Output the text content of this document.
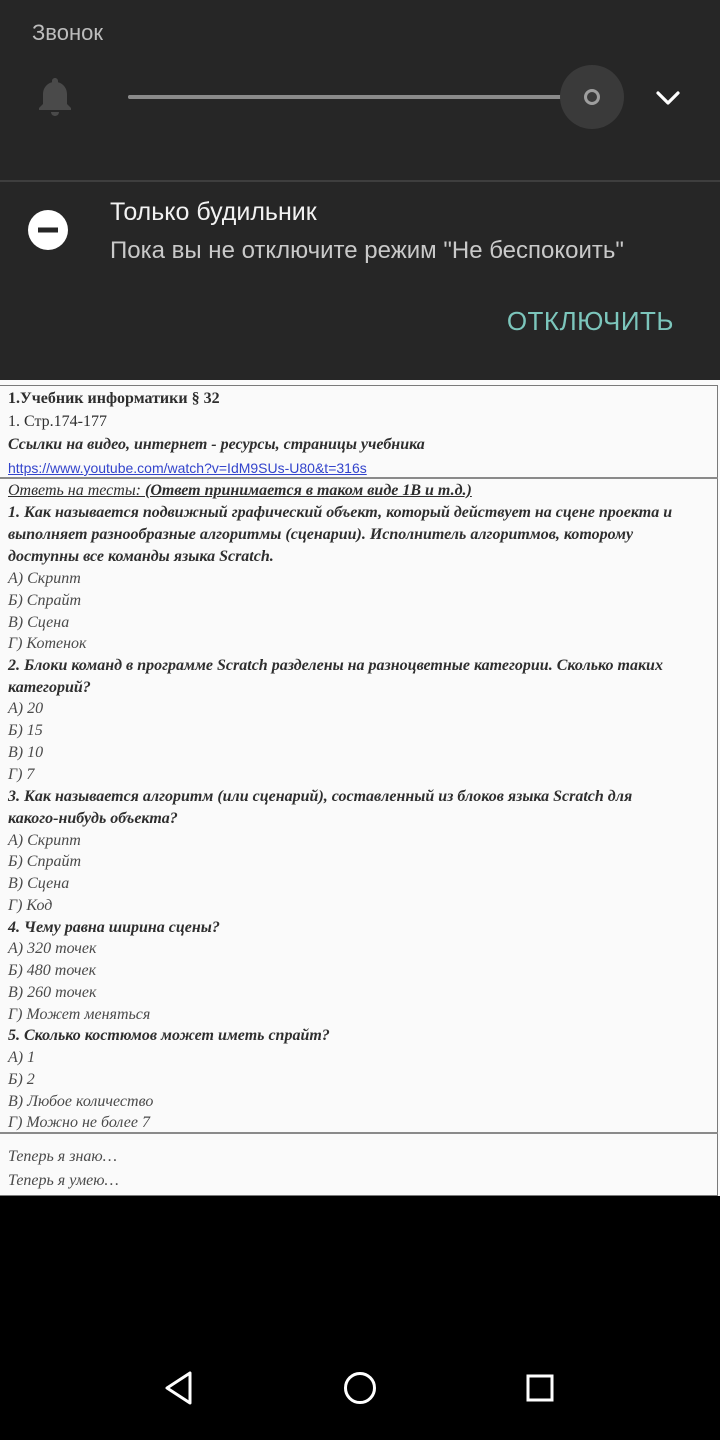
Звонок
Только будильник
Пока вы не отключите режим "Не беспокоить"
ОТКЛЮЧИТЬ
1.Учебник информатики § 32
1. Стр.174-177
Ссылки на видео, интернет - ресурсы, страницы учебника
https://www.youtube.com/watch?v=IdM9SUs-U80&t=316s
Ответь на тесты: (Ответ принимается в таком виде 1В и т.д.)
1. Как называется подвижный графический объект, который действует на сцене проекта и
выполняет разнообразные алгоритмы (сценарии). Исполнитель алгоритмов, которому
доступны все команды языка Scratch.
А) Скрипт
Б) Спрайт
В) Сцена
Г) Котенок
2. Блоки команд в программе Scratch разделены на разноцветные категории. Сколько таких
категорий?
А) 20
Б) 15
В) 10
Г) 7
3. Как называется алгоритм (или сценарий), составленный из блоков языка Scratch для
какого-нибудь объекта?
А) Скрипт
Б) Спрайт
В) Сцена
Г) Код
4. Чему равна ширина сцены?
А) 320 точек
Б) 480 точек
В) 260 точек
Г) Может меняться
5. Сколько костюмов может иметь спрайт?
А) 1
Б) 2
В) Любое количество
Г) Можно не более 7
Теперь я знаю…
Теперь я умею…
